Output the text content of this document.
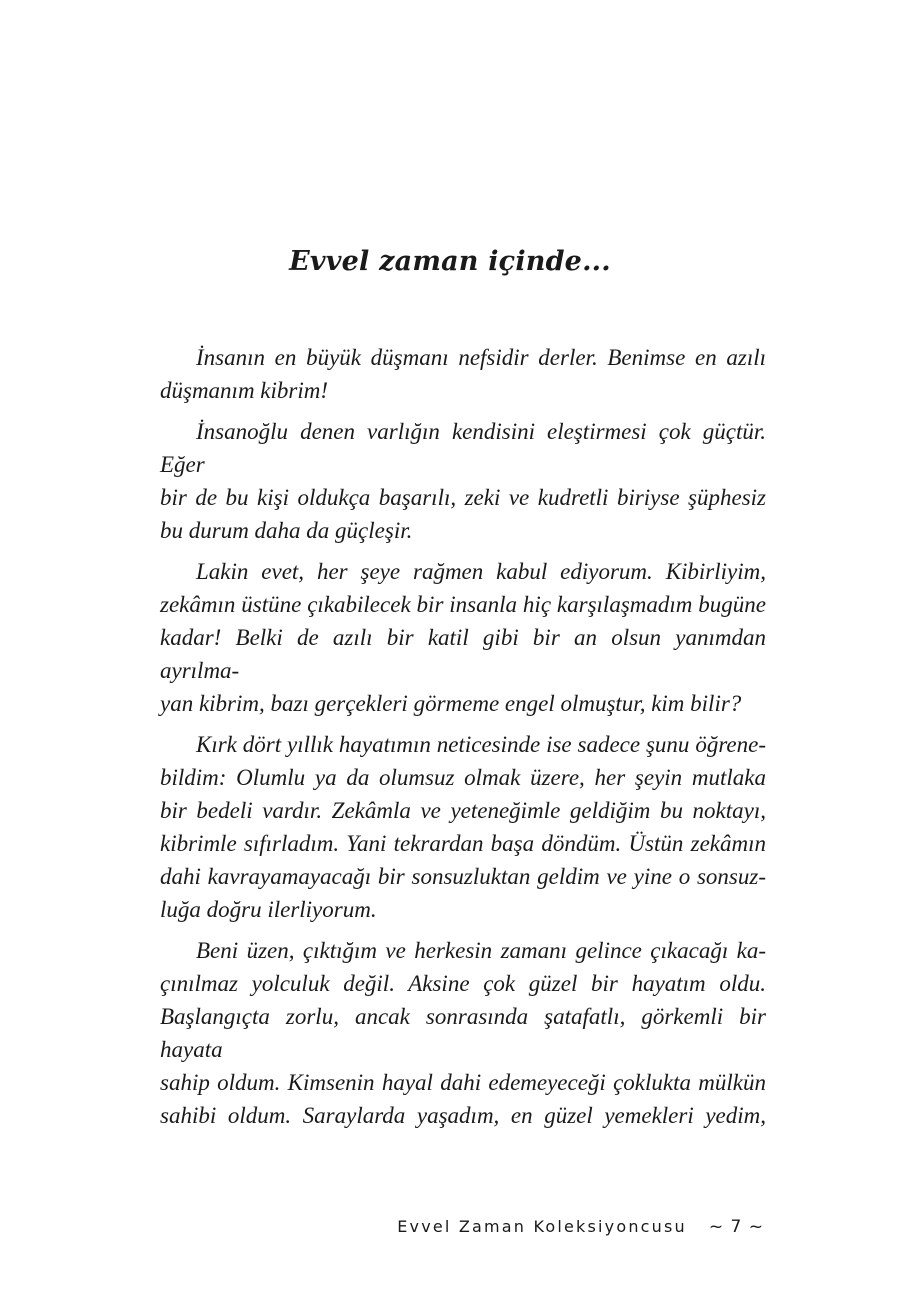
Evvel zaman içinde...

İnsanın en büyük düşmanı nefsidir derler. Benimse en azılı
düşmanım kibrim!

İnsanoğlu denen varlığın kendisini eleştirmesi çok güçtür. Eğer
bir de bu kişi oldukça başarılı, zeki ve kudretli biriyse şüphesiz
bu durum daha da güçleşir.

Lakin evet, her şeye rağmen kabul ediyorum. Kibirliyim,
zekâmın üstüne çıkabilecek bir insanla hiç karşılaşmadım bugüne
kadar! Belki de azılı bir katil gibi bir an olsun yanımdan ayrılma-
yan kibrim, bazı gerçekleri görmeme engel olmuştur, kim bilir?

Kırk dört yıllık hayatımın neticesinde ise sadece şunu öğrene-
bildim: Olumlu ya da olumsuz olmak üzere, her şeyin mutlaka
bir bedeli vardır. Zekâmla ve yeteneğimle geldiğim bu noktayı,
kibrimle sıfırladım. Yani tekrardan başa döndüm. Üstün zekâmın
dahi kavrayamayacağı bir sonsuzluktan geldim ve yine o sonsuz-
luğa doğru ilerliyorum.

Beni üzen, çıktığım ve herkesin zamanı gelince çıkacağı ka-
çınılmaz yolculuk değil. Aksine çok güzel bir hayatım oldu.
Başlangıçta zorlu, ancak sonrasında şatafatlı, görkemli bir hayata
sahip oldum. Kimsenin hayal dahi edemeyeceği çoklukta mülkün
sahibi oldum. Saraylarda yaşadım, en güzel yemekleri yedim,

Evvel Zaman Koleksiyoncusu ~ 7 ~
